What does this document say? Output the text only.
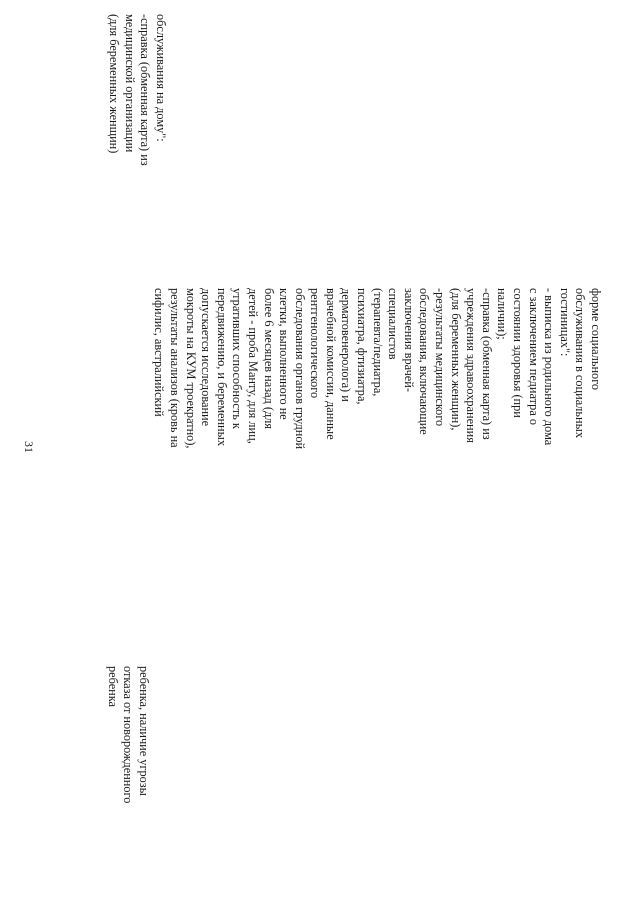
31
ребенка, наличие угрозы
отказа от новорожденного
ребенка
форме социального
обслуживания в социальных
гостиницах":
- выписка из родильного дома
с заключением педиатра о
состоянии здоровья (при
наличии);
-справка (обменная карта) из
учреждения здравоохранения
(для беременных женщин),
-результаты медицинского
обследования, включающие
заключения врачей-
специалистов
(терапевта/педиатра,
психиатра, фтизиатра,
дерматовенеролога) и
врачебной комиссии, данные
рентгенологического
обследования органов грудной
клетки, выполненного не
более 6 месяцев назад (для
детей - проба Манту, для лиц,
утративших способность к
передвижению, и беременных
допускается исследование
мокроты на КУМ троекратно),
результаты анализов (кровь на
сифилис, австралийский
обслуживания на дому":
-справка (обменная карта) из
медицинской организации
(для беременных женщин)
